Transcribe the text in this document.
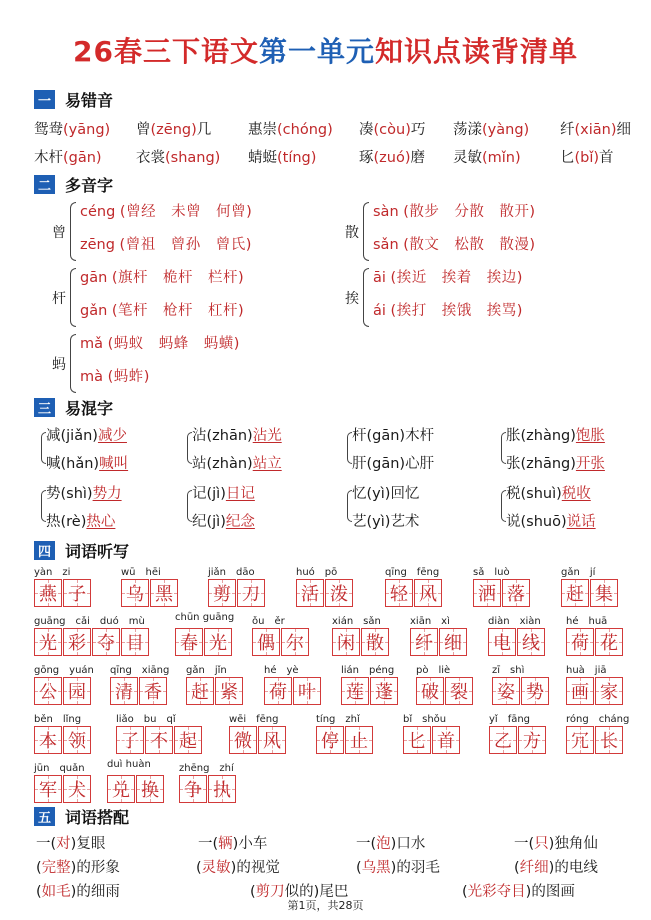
26春三下语文第一单元知识点读背清单
一 易错音
二 多音字
三 易混字
四 词语听写
五 词语搭配
鸳鸯(yāng) 曾(zēng)几	惠崇(chóng) 凑(còu)巧 荡漾(yàng) 纤(xiān)细
木杆(gān) 衣裳(shang) 蜻蜓(tíng)	琢(zuó)磨 灵敏(mǐn)	匕(bǐ)首
曾
céng (曾经　未曾　何曾)
zēng (曾祖　曾孙　曾氏)
散
sàn (散步　分散　散开)
sǎn (散文　松散　散漫)
杆
gān (旗杆　桅杆　栏杆)
gǎn (笔杆　枪杆　杠杆)
挨
āi (挨近　挨着　挨边)
ái (挨打　挨饿　挨骂)
蚂
mǎ (蚂蚁　蚂蜂　蚂蟥)
mà (蚂蚱)
减(jiǎn)减少
喊(hǎn)喊叫
沾(zhān)沾光
站(zhàn)站立
杆(gān)木杆
肝(gān)心肝
胀(zhàng)饱胀
张(zhāng)开张
势(shì)势力
热(rè)热心
记(jì)日记
纪(jì)纪念
忆(yì)回忆
艺(yì)艺术
税(shuì)税收
说(shuō)说话
yàn　zi
燕 子
wū　hēi
乌 黑
jiǎn　dāo
剪 刀
huó　pō
活 泼
qīng　fēng
轻 风
sǎ　luò
洒 落
gǎn　jí
赶 集
guāng　cǎi　duó　mù
光 彩 夺 目
chūn guāng
春 光
ǒu　ěr
偶 尔
xián　sǎn
闲 散
xiān　xì
纤 细
diàn　xiàn
电 线
hé　huā
荷 花
gōng　yuán
公 园
qīng　xiāng
清 香
gǎn　jǐn
赶 紧
hé　yè
荷 叶
lián　péng
莲 蓬
pò　liè
破 裂
zī　shì
姿 势
huà　jiā
画 家
běn　lǐng
本 领
liǎo　bu　qǐ
了 不 起
wēi　fēng
微 风
tíng　zhǐ
停 止
bǐ　shǒu
匕 首
yǐ　fāng
乙 方
róng　cháng
冗 长
jūn　quǎn
军 犬
duì huàn
兑 换
zhēng　zhí
争 执
一(对)复眼	一(辆)小车	一(泡)口水	一(只)独角仙
(完整)的形象	(灵敏)的视觉	(乌黑)的羽毛	(纤细)的电线
(如毛)的细雨	(剪刀似的)尾巴	(光彩夺目)的图画
第1页，共28页
